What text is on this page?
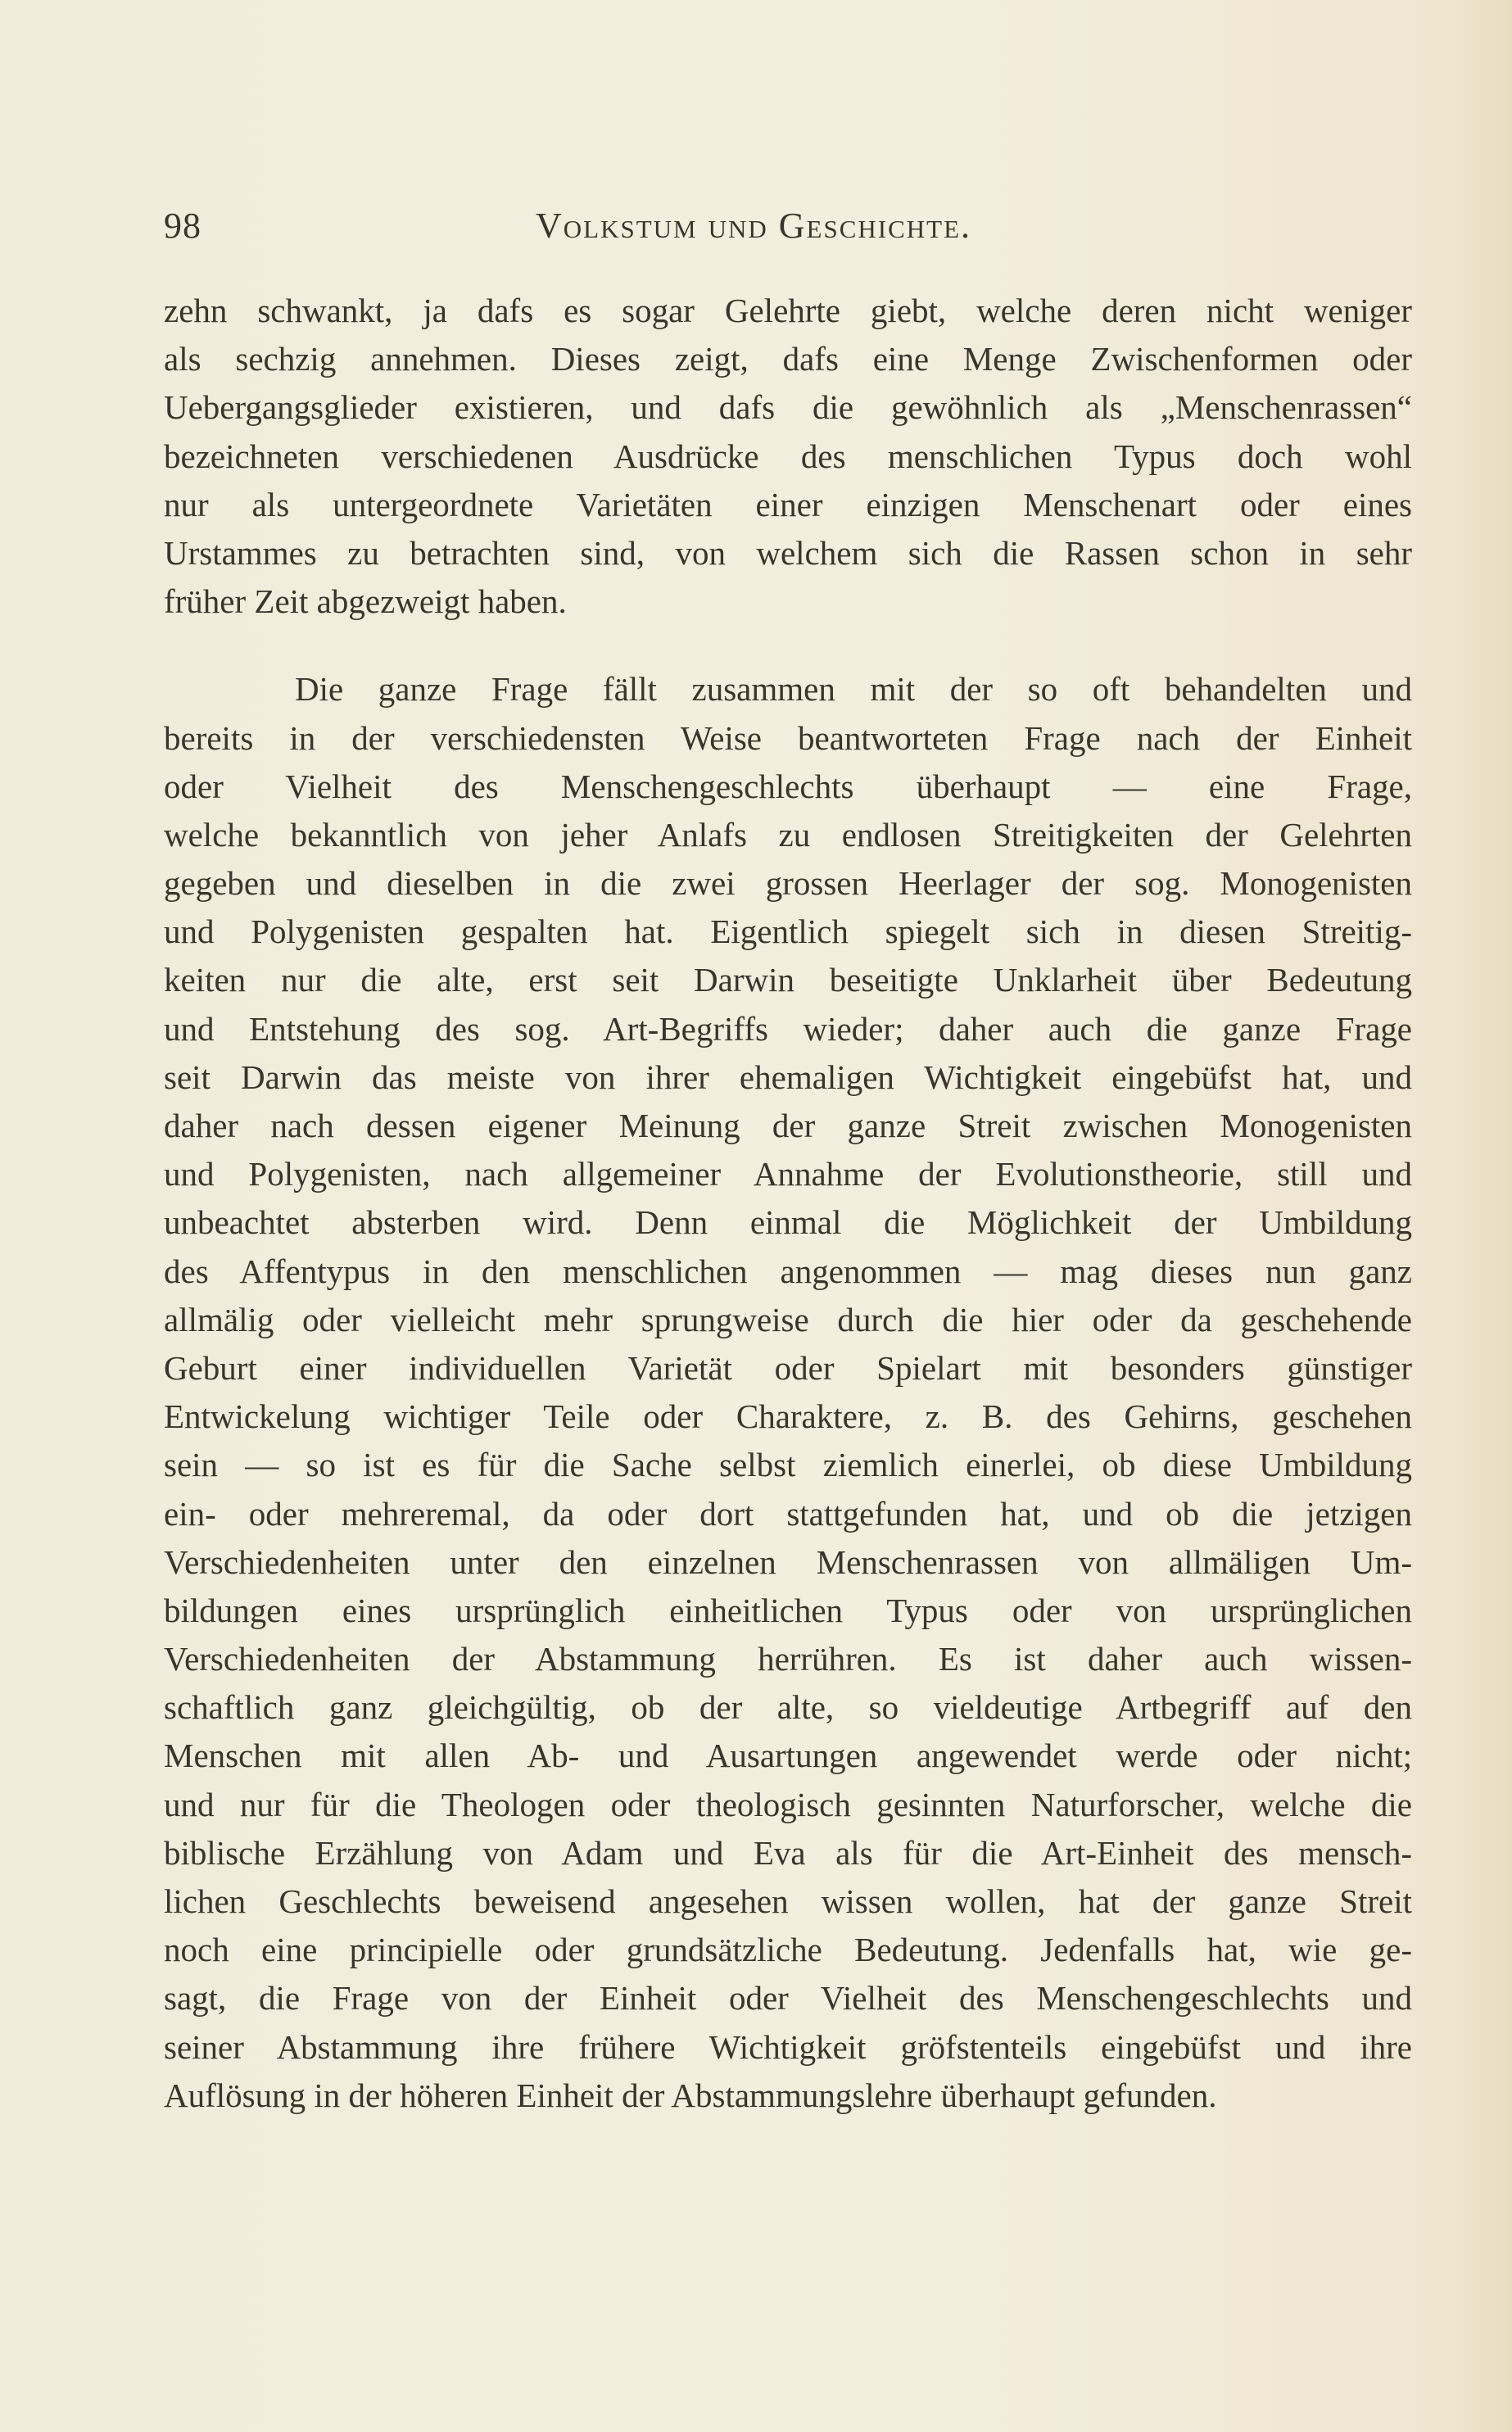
98	Volkstum und Geschichte.
zehn schwankt, ja dafs es sogar Gelehrte giebt, welche deren nicht weniger
als sechzig annehmen. Dieses zeigt, dafs eine Menge Zwischenformen oder
Uebergangsglieder existieren, und dafs die gewöhnlich als „Menschenrassen“
bezeichneten verschiedenen Ausdrücke des menschlichen Typus doch wohl
nur als untergeordnete Varietäten einer einzigen Menschenart oder eines
Urstammes zu betrachten sind, von welchem sich die Rassen schon in sehr
früher Zeit abgezweigt haben.
Die ganze Frage fällt zusammen mit der so oft behandelten und
bereits in der verschiedensten Weise beantworteten Frage nach der Einheit
oder Vielheit des Menschengeschlechts überhaupt — eine Frage,
welche bekanntlich von jeher Anlafs zu endlosen Streitigkeiten der Gelehrten
gegeben und dieselben in die zwei grossen Heerlager der sog. Monogenisten
und Polygenisten gespalten hat. Eigentlich spiegelt sich in diesen Streitig-
keiten nur die alte, erst seit Darwin beseitigte Unklarheit über Bedeutung
und Entstehung des sog. Art-Begriffs wieder; daher auch die ganze Frage
seit Darwin das meiste von ihrer ehemaligen Wichtigkeit eingebüfst hat, und
daher nach dessen eigener Meinung der ganze Streit zwischen Monogenisten
und Polygenisten, nach allgemeiner Annahme der Evolutionstheorie, still und
unbeachtet absterben wird. Denn einmal die Möglichkeit der Umbildung
des Affentypus in den menschlichen angenommen — mag dieses nun ganz
allmälig oder vielleicht mehr sprungweise durch die hier oder da geschehende
Geburt einer individuellen Varietät oder Spielart mit besonders günstiger
Entwickelung wichtiger Teile oder Charaktere, z. B. des Gehirns, geschehen
sein — so ist es für die Sache selbst ziemlich einerlei, ob diese Umbildung
ein- oder mehreremal, da oder dort stattgefunden hat, und ob die jetzigen
Verschiedenheiten unter den einzelnen Menschenrassen von allmäligen Um-
bildungen eines ursprünglich einheitlichen Typus oder von ursprünglichen
Verschiedenheiten der Abstammung herrühren. Es ist daher auch wissen-
schaftlich ganz gleichgültig, ob der alte, so vieldeutige Artbegriff auf den
Menschen mit allen Ab- und Ausartungen angewendet werde oder nicht;
und nur für die Theologen oder theologisch gesinnten Naturforscher, welche die
biblische Erzählung von Adam und Eva als für die Art-Einheit des mensch-
lichen Geschlechts beweisend angesehen wissen wollen, hat der ganze Streit
noch eine principielle oder grundsätzliche Bedeutung. Jedenfalls hat, wie ge-
sagt, die Frage von der Einheit oder Vielheit des Menschengeschlechts und
seiner Abstammung ihre frühere Wichtigkeit gröfstenteils eingebüfst und ihre
Auflösung in der höheren Einheit der Abstammungslehre überhaupt gefunden.
